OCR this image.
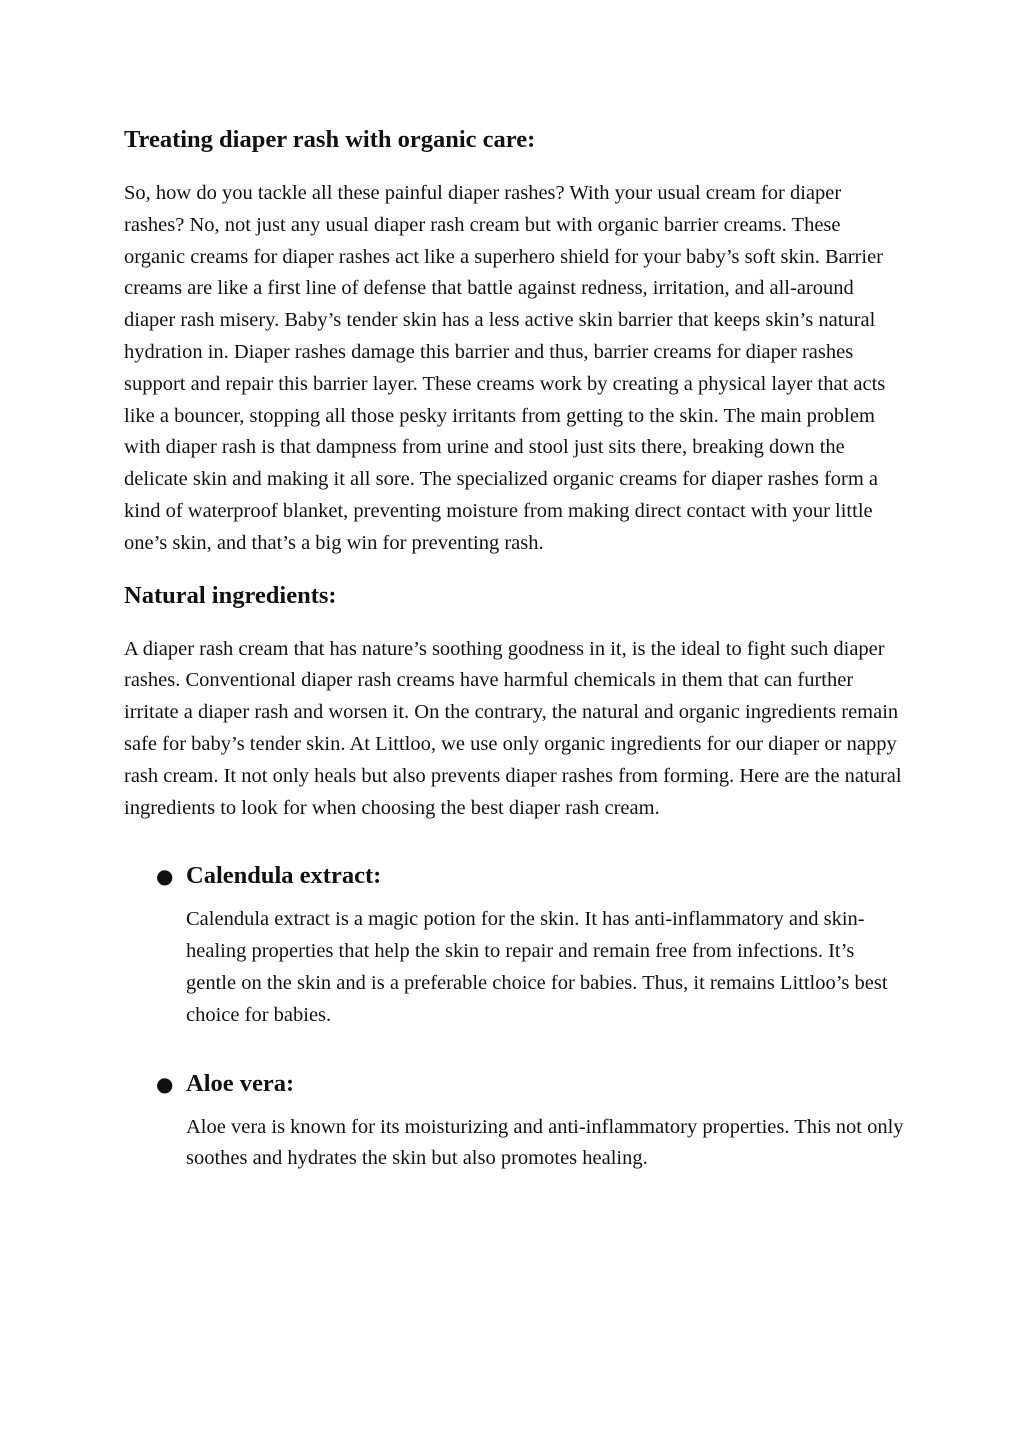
Treating diaper rash with organic care:

So, how do you tackle all these painful diaper rashes? With your usual cream for diaper rashes? No, not just any usual diaper rash cream but with organic barrier creams. These organic creams for diaper rashes act like a superhero shield for your baby’s soft skin. Barrier creams are like a first line of defense that battle against redness, irritation, and all-around diaper rash misery. Baby’s tender skin has a less active skin barrier that keeps skin’s natural hydration in. Diaper rashes damage this barrier and thus, barrier creams for diaper rashes support and repair this barrier layer. These creams work by creating a physical layer that acts like a bouncer, stopping all those pesky irritants from getting to the skin. The main problem with diaper rash is that dampness from urine and stool just sits there, breaking down the delicate skin and making it all sore. The specialized organic creams for diaper rashes form a kind of waterproof blanket, preventing moisture from making direct contact with your little one’s skin, and that’s a big win for preventing rash.

Natural ingredients:

A diaper rash cream that has nature’s soothing goodness in it, is the ideal to fight such diaper rashes. Conventional diaper rash creams have harmful chemicals in them that can further irritate a diaper rash and worsen it. On the contrary, the natural and organic ingredients remain safe for baby’s tender skin. At Littloo, we use only organic ingredients for our diaper or nappy rash cream. It not only heals but also prevents diaper rashes from forming. Here are the natural ingredients to look for when choosing the best diaper rash cream.

● Calendula extract:

Calendula extract is a magic potion for the skin. It has anti-inflammatory and skin-healing properties that help the skin to repair and remain free from infections. It’s gentle on the skin and is a preferable choice for babies. Thus, it remains Littloo’s best choice for babies.

● Aloe vera:

Aloe vera is known for its moisturizing and anti-inflammatory properties. This not only soothes and hydrates the skin but also promotes healing.
